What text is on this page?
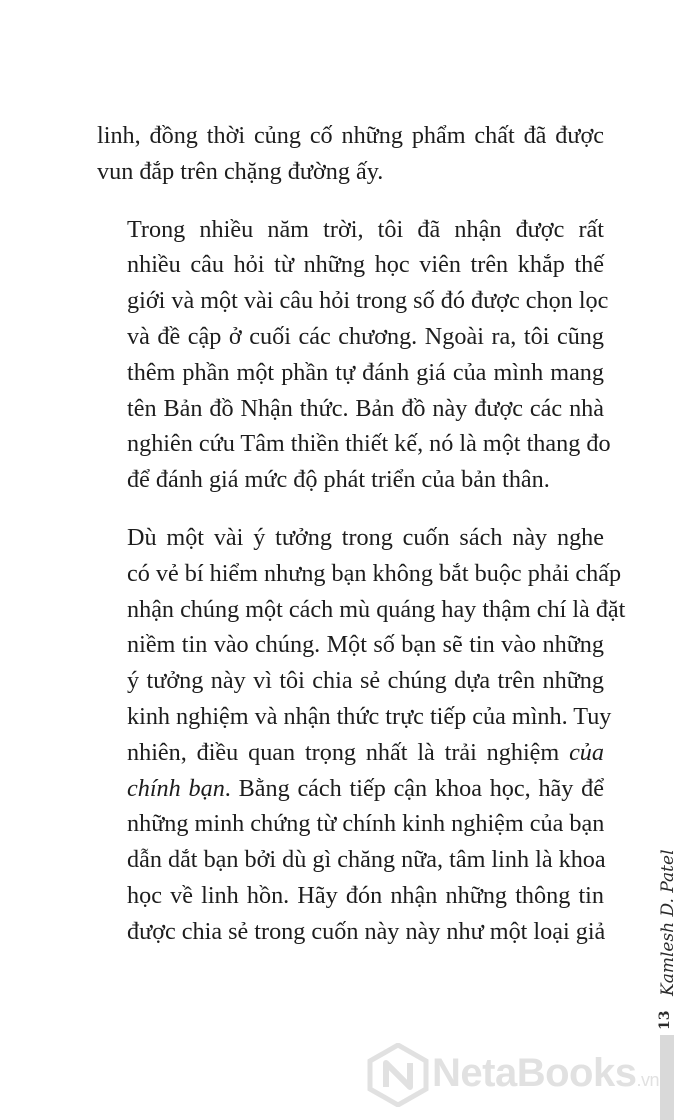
linh, đồng thời củng cố những phẩm chất đã được
vun đắp trên chặng đường ấy.
Trong nhiều năm trời, tôi đã nhận được rất
nhiều câu hỏi từ những học viên trên khắp thế
giới và một vài câu hỏi trong số đó được chọn lọc
và đề cập ở cuối các chương. Ngoài ra, tôi cũng
thêm phần một phần tự đánh giá của mình mang
tên Bản đồ Nhận thức. Bản đồ này được các nhà
nghiên cứu Tâm thiền thiết kế, nó là một thang đo
để đánh giá mức độ phát triển của bản thân.
Dù một vài ý tưởng trong cuốn sách này nghe
có vẻ bí hiểm nhưng bạn không bắt buộc phải chấp
nhận chúng một cách mù quáng hay thậm chí là đặt
niềm tin vào chúng. Một số bạn sẽ tin vào những
ý tưởng này vì tôi chia sẻ chúng dựa trên những
kinh nghiệm và nhận thức trực tiếp của mình. Tuy
nhiên, điều quan trọng nhất là trải nghiệm của
chính bạn. Bằng cách tiếp cận khoa học, hãy để
những minh chứng từ chính kinh nghiệm của bạn
dẫn dắt bạn bởi dù gì chăng nữa, tâm linh là khoa
học về linh hồn. Hãy đón nhận những thông tin
được chia sẻ trong cuốn này này như một loại giả	Kamlesh D. Patel
13
NetaBooks.vn
